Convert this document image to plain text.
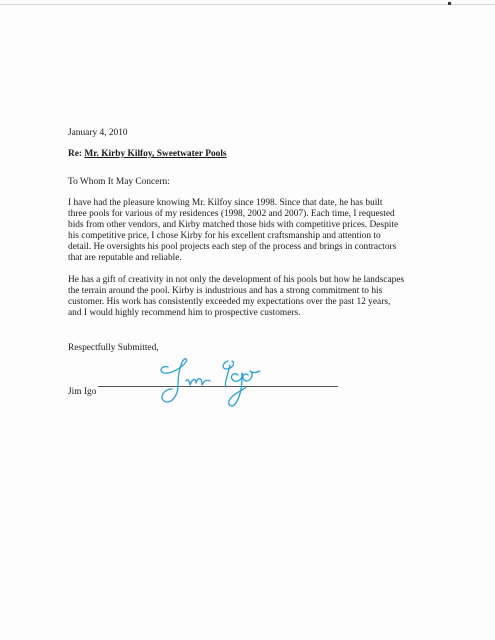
January 4, 2010
Re: Mr. Kirby Kilfoy, Sweetwater Pools
To Whom It May Concern:

I have had the pleasure knowing Mr. Kilfoy since 1998. Since that date, he has built
three pools for various of my residences (1998, 2002 and 2007). Each time, I requested
bids from other vendors, and Kirby matched those bids with competitive prices. Despite
his competitive price, I chose Kirby for his excellent craftsmanship and attention to
detail. He oversights his pool projects each step of the process and brings in contractors
that are reputable and reliable.

He has a gift of creativity in not only the development of his pools but how he landscapes
the terrain around the pool. Kirby is industrious and has a strong commitment to his
customer. His work has consistently exceeded my expectations over the past 12 years,
and I would highly recommend him to prospective customers.

Respectfully Submitted,
Jim Igo
